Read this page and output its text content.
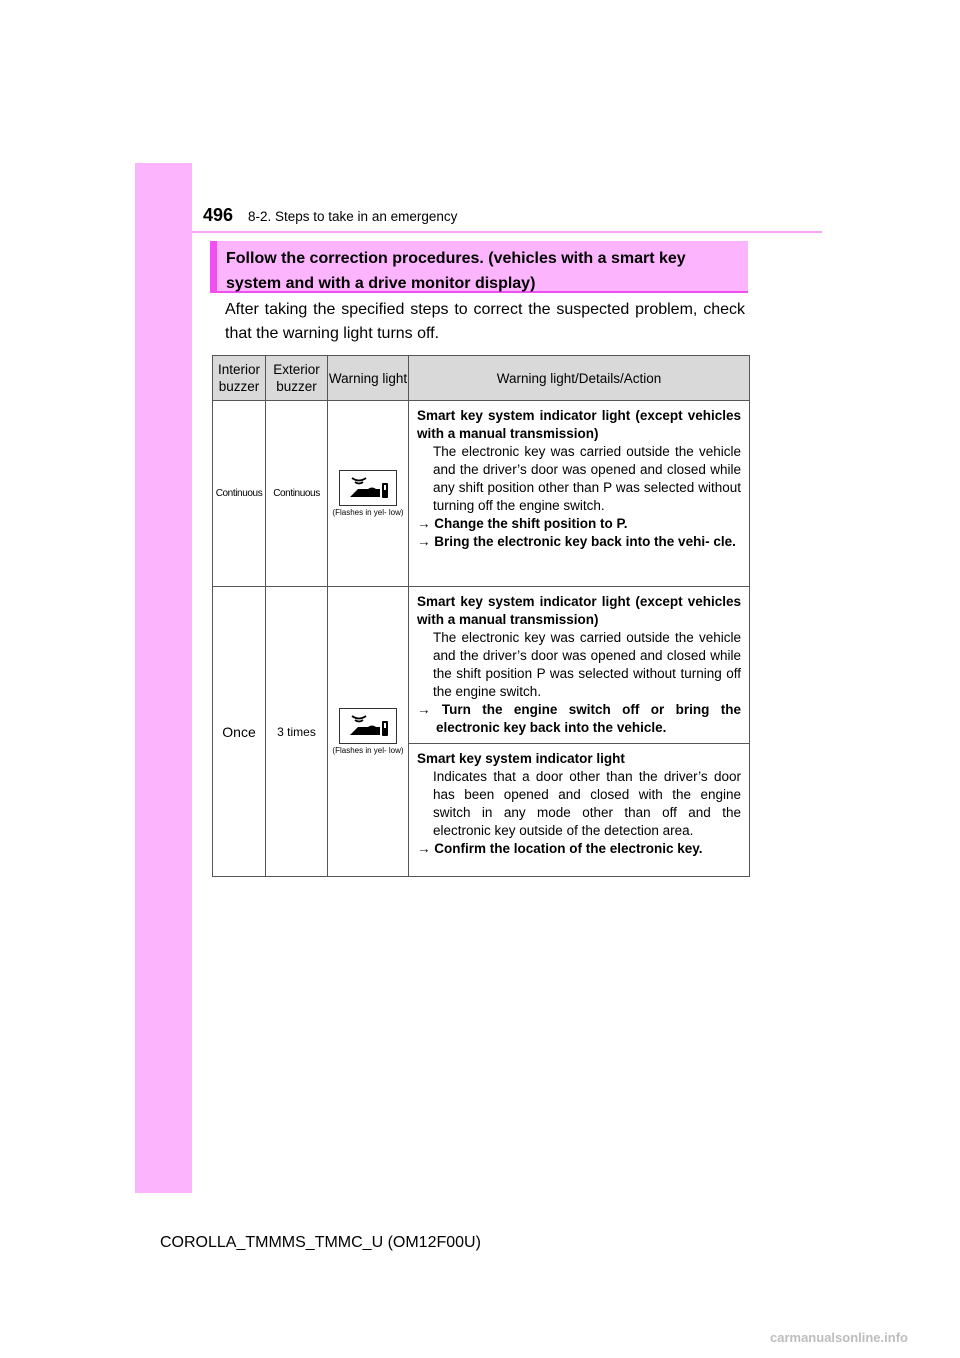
496 8-2. Steps to take in an emergency
Follow the correction procedures. (vehicles with a smart key
system and with a drive monitor display)
After taking the specified steps to correct the suspected problem, check that the warning light turns off.
Interior buzzer	Exterior buzzer	Warning light	Warning light/Details/Action
Continuous	Continuous	(Flashes in yel- low)	Smart key system indicator light (except vehicles with a manual transmission)
The electronic key was carried outside the vehicle and the driver’s door was opened and closed while any shift position other than P was selected without turning off the engine switch.
→ Change the shift position to P.
→ Bring the electronic key back into the vehi- cle.

Once	3 times	(Flashes in yel- low)	Smart key system indicator light (except vehicles with a manual transmission)
The electronic key was carried outside the vehicle and the driver’s door was opened and closed while the shift position P was selected without turning off the engine switch.
→ Turn the engine switch off or bring the electronic key back into the vehicle.

			Smart key system indicator light
Indicates that a door other than the driver’s door has been opened and closed with the engine switch in any mode other than off and the electronic key outside of the detection area.
→ Confirm the location of the electronic key.
COROLLA_TMMMS_TMMC_U (OM12F00U)
carmanualsonline.info
